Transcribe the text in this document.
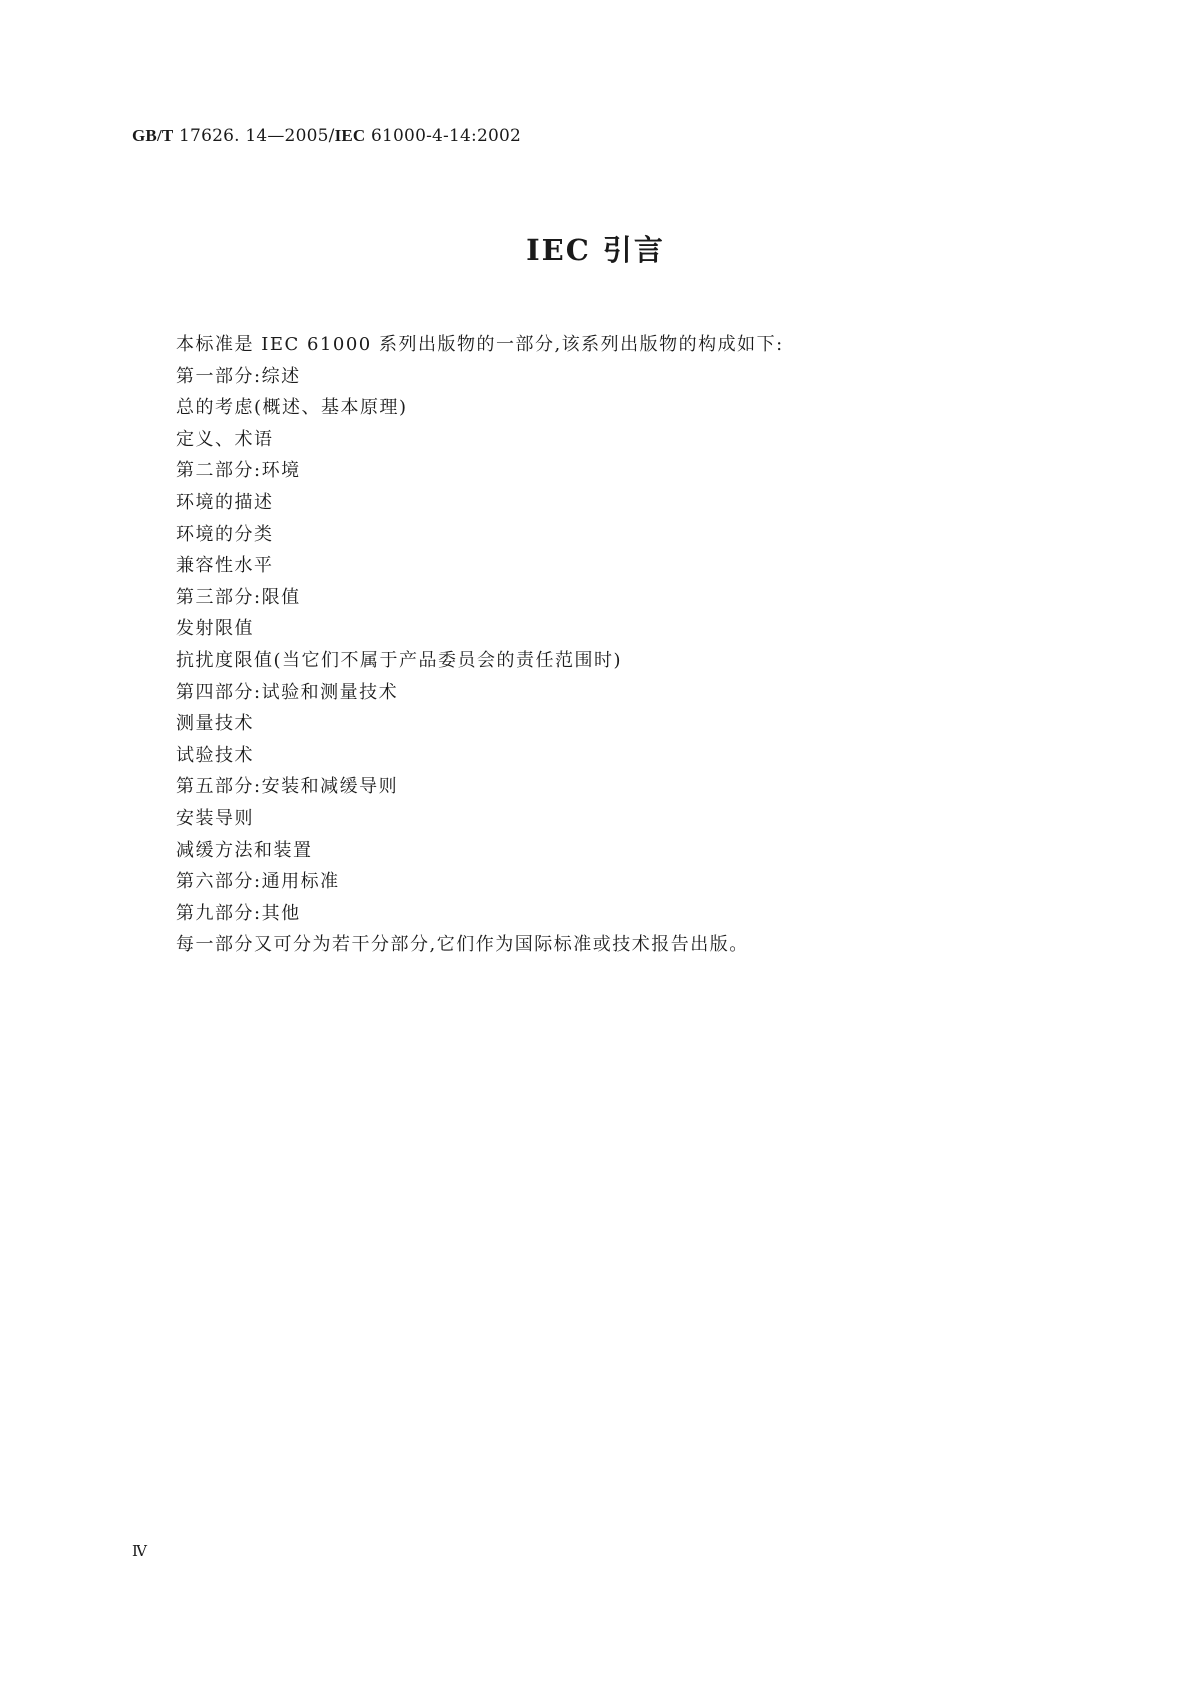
GB/T 17626. 14—2005/IEC 61000-4-14:2002
IEC 引言
本标准是 IEC 61000 系列出版物的一部分,该系列出版物的构成如下:
第一部分:综述
总的考虑(概述、基本原理)
定义、术语
第二部分:环境
环境的描述
环境的分类
兼容性水平
第三部分:限值
发射限值
抗扰度限值(当它们不属于产品委员会的责任范围时)
第四部分:试验和测量技术
测量技术
试验技术
第五部分:安装和减缓导则
安装导则
减缓方法和装置
第六部分:通用标准
第九部分:其他
每一部分又可分为若干分部分,它们作为国际标准或技术报告出版。
Ⅳ
